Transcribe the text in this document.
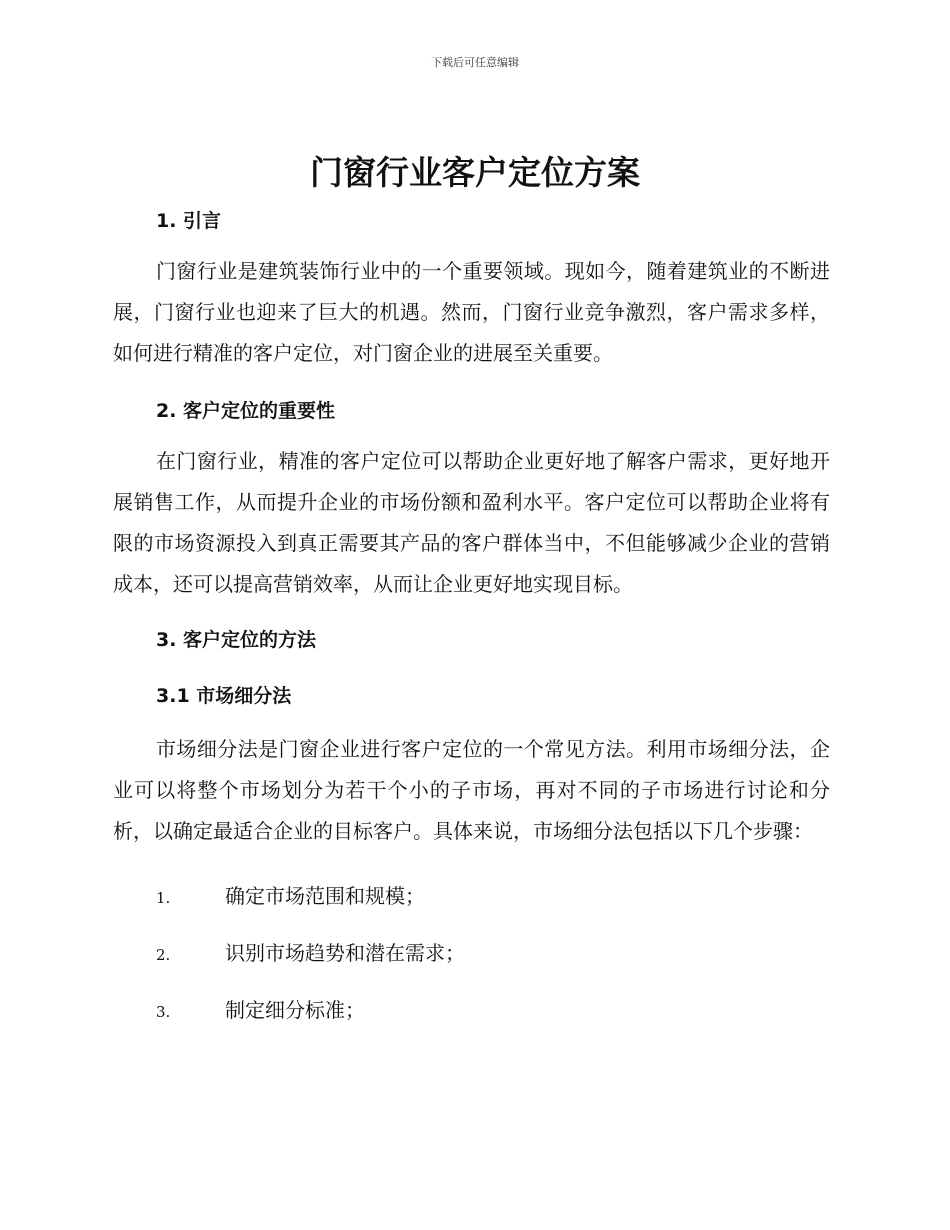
下载后可任意编辑
门窗行业客户定位方案
1. 引言

门窗行业是建筑装饰行业中的一个重要领域。现如今，随着建筑业的不断进展，门窗行业也迎来了巨大的机遇。然而，门窗行业竞争激烈，客户需求多样，如何进行精准的客户定位，对门窗企业的进展至关重要。

2. 客户定位的重要性

在门窗行业，精准的客户定位可以帮助企业更好地了解客户需求，更好地开展销售工作，从而提升企业的市场份额和盈利水平。客户定位可以帮助企业将有限的市场资源投入到真正需要其产品的客户群体当中，不但能够减少企业的营销成本，还可以提高营销效率，从而让企业更好地实现目标。

3. 客户定位的方法
3.1 市场细分法

市场细分法是门窗企业进行客户定位的一个常见方法。利用市场细分法，企业可以将整个市场划分为若干个小的子市场，再对不同的子市场进行讨论和分析，以确定最适合企业的目标客户。具体来说，市场细分法包括以下几个步骤：

1.	确定市场范围和规模；
2.	识别市场趋势和潜在需求；
3.	制定细分标准；
